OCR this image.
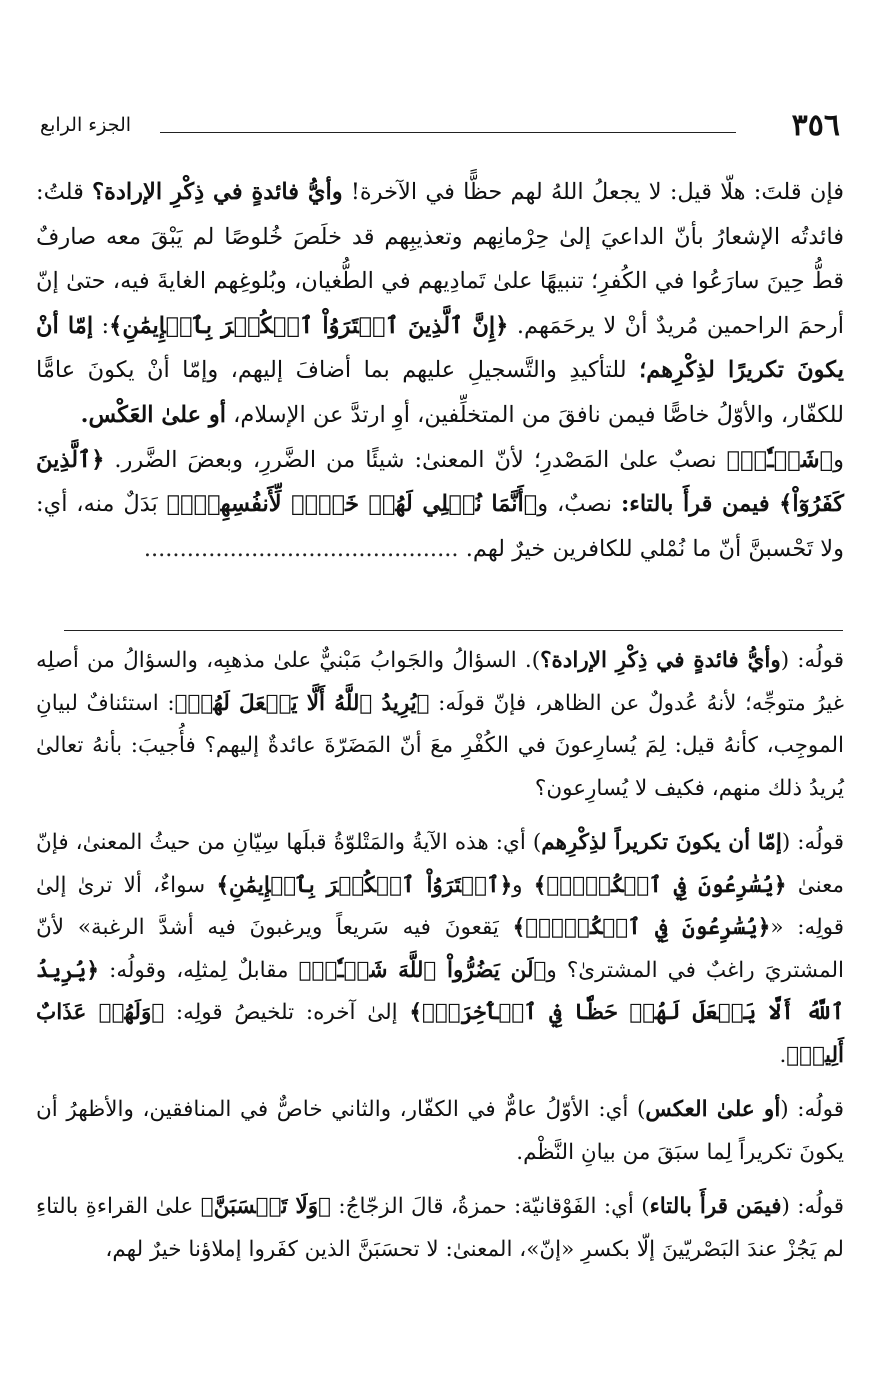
٣٥٦
الجزء الرابع
فإن قلتَ: هلّا قيل: لا يجعلُ اللهُ لهم حظًّا في الآخرة! وأيُّ فائدةٍ في ذِكْرِ الإرادة؟ قلتُ: فائدتُه الإشعارُ بأنّ الداعيَ إلىٰ حِرْمانِهم وتعذيبِهم قد خلَصَ خُلوصًا لم يَبْقَ معه صارفٌ قطُّ حِينَ سارَعُوا في الكُفرِ؛ تنبيهًا علىٰ تَمادِيهم في الطُّغيان، وبُلوغِهم الغايةَ فيه، حتىٰ إنّ أرحمَ الراحمين مُريدٌ أنْ لا يرحَمَهم. ﴿إِنَّ ٱلَّذِينَ ٱشۡتَرَوُاْ ٱلۡكُفۡرَ بِٱلۡإِيمَٰنِ﴾: إمّا أنْ يكونَ تكريرًا لذِكْرِهم؛ للتأكيدِ والتَّسجيلِ عليهم بما أضافَ إليهم، وإمّا أنْ يكونَ عامًّا للكفّار، والأوّلُ خاصًّا فيمن نافقَ من المتخلِّفين، أوِ ارتدَّ عن الإسلام، أو علىٰ العَكْس.
و﴿شَيۡـٔٗاۚ﴾ نصبٌ علىٰ المَصْدرِ؛ لأنّ المعنىٰ: شيئًا من الضَّررِ، وبعضَ الضَّرر. ﴿ٱلَّذِينَ كَفَرُوٓاْ﴾ فيمن قرأَ بالتاء: نصبٌ، و﴿أَنَّمَا نُمۡلِي لَهُمۡ خَيۡرٞ لِّأَنفُسِهِمۡۚ﴾ بَدَلٌ منه، أي: ولا تَحْسبنَّ أنّ ما نُمْلي للكافرين خيرٌ لهم. ............................................

قولُه: (وأيُّ فائدةٍ في ذِكْرِ الإرادة؟). السؤالُ والجَوابُ مَبْنيٌّ علىٰ مذهبِه، والسؤالُ من أصلِه غيرُ متوجِّه؛ لأنهُ عُدولٌ عن الظاهر، فإنّ قولَه: ﴿يُرِيدُ ٱللَّهُ أَلَّا يَجۡعَلَ لَهُمۡ﴾: استئنافٌ لبيانِ الموجِب، كأنهُ قيل: لِمَ يُسارِعونَ في الكُفْرِ معَ أنّ المَضَرّةَ عائدةٌ إليهم؟ فأُجيبَ: بأنهُ تعالىٰ يُريدُ ذلك منهم، فكيف لا يُسارِعون؟

قولُه: (إمّا أن يكونَ تكريراً لذِكْرِهم) أي: هذه الآيةُ والمَتْلوّةُ قبلَها سِيّانِ من حيثُ المعنىٰ، فإنّ معنىٰ ﴿يُسَٰرِعُونَ فِي ٱلۡكُفۡرِۚ﴾ و﴿ٱشۡتَرَوُاْ ٱلۡكُفۡرَ بِٱلۡإِيمَٰنِ﴾ سواءٌ، ألا ترىٰ إلىٰ قولِه: «﴿يُسَٰرِعُونَ فِي ٱلۡكُفۡرِۚ﴾ يَقعونَ فيه سَريعاً ويرغبونَ فيه أشدَّ الرغبة» لأنّ المشتريَ راغبٌ في المشترىٰ؟ و﴿لَن يَضُرُّواْ ٱللَّهَ شَيۡـٔٗاۚ﴾ مقابلٌ لِمثلِه، وقولُه: ﴿يُرِيدُ ٱللَّهُ أَلَّا يَجۡعَلَ لَهُمۡ حَظّٗا فِي ٱلۡأٓخِرَةِۖ﴾ إلىٰ آخره: تلخيصُ قولِه: ﴿وَلَهُمۡ عَذَابٌ أَلِيمٞ﴾.

قولُه: (أو علىٰ العكس) أي: الأوّلُ عامٌّ في الكفّار، والثاني خاصٌّ في المنافقين، والأظهرُ أن يكونَ تكريراً لِما سبَقَ من بيانِ النَّظْم.

قولُه: (فيمَن قرأَ بالتاء) أي: الفَوْقانيّة: حمزةُ، قالَ الزجّاجُ: ﴿وَلَا تَحۡسَبَنَّ﴾ علىٰ القراءةِ بالتاءِ لم يَجُزْ عندَ البَصْريّينَ إلّا بكسرِ «إنّ»، المعنىٰ: لا تحسَبَنَّ الذين كفَروا إملاؤنا خيرٌ لهم،
